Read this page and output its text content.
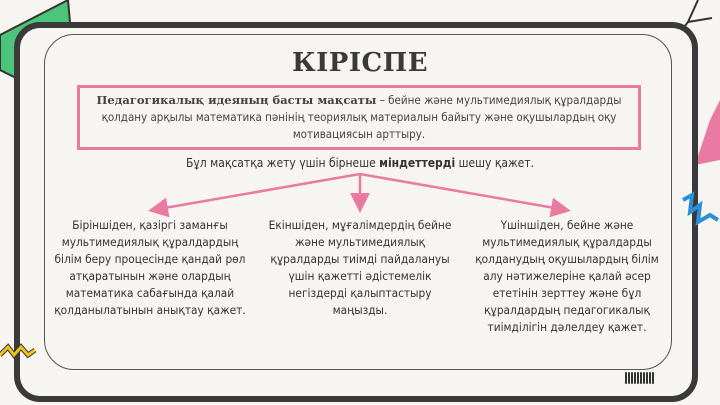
КІРІСПЕ
Педагогикалық идеяның басты мақсаты – бейне және мультимедиялық құралдарды қолдану арқылы математика пәнінің теориялық материалын байыту және оқушылардың оқу мотивациясын арттыру.
Бұл мақсатқа жету үшін бірнеше міндеттерді шешу қажет.
Біріншіден, қазіргі заманғы мультимедиялық құралдардың білім беру процесінде қандай рөл атқаратынын және олардың математика сабағында қалай қолданылатынын анықтау қажет.
Екіншіден, мұғалімдердің бейне және мультимедиялық құралдарды тиімді пайдалануы үшін қажетті әдістемелік негіздерді қалыптастыру маңызды.
Үшіншіден, бейне және мультимедиялық құралдарды қолданудың оқушылардың білім алу нәтижелеріне қалай әсер ететінін зерттеу және бұл құралдардың педагогикалық тиімділігін дәлелдеу қажет.
